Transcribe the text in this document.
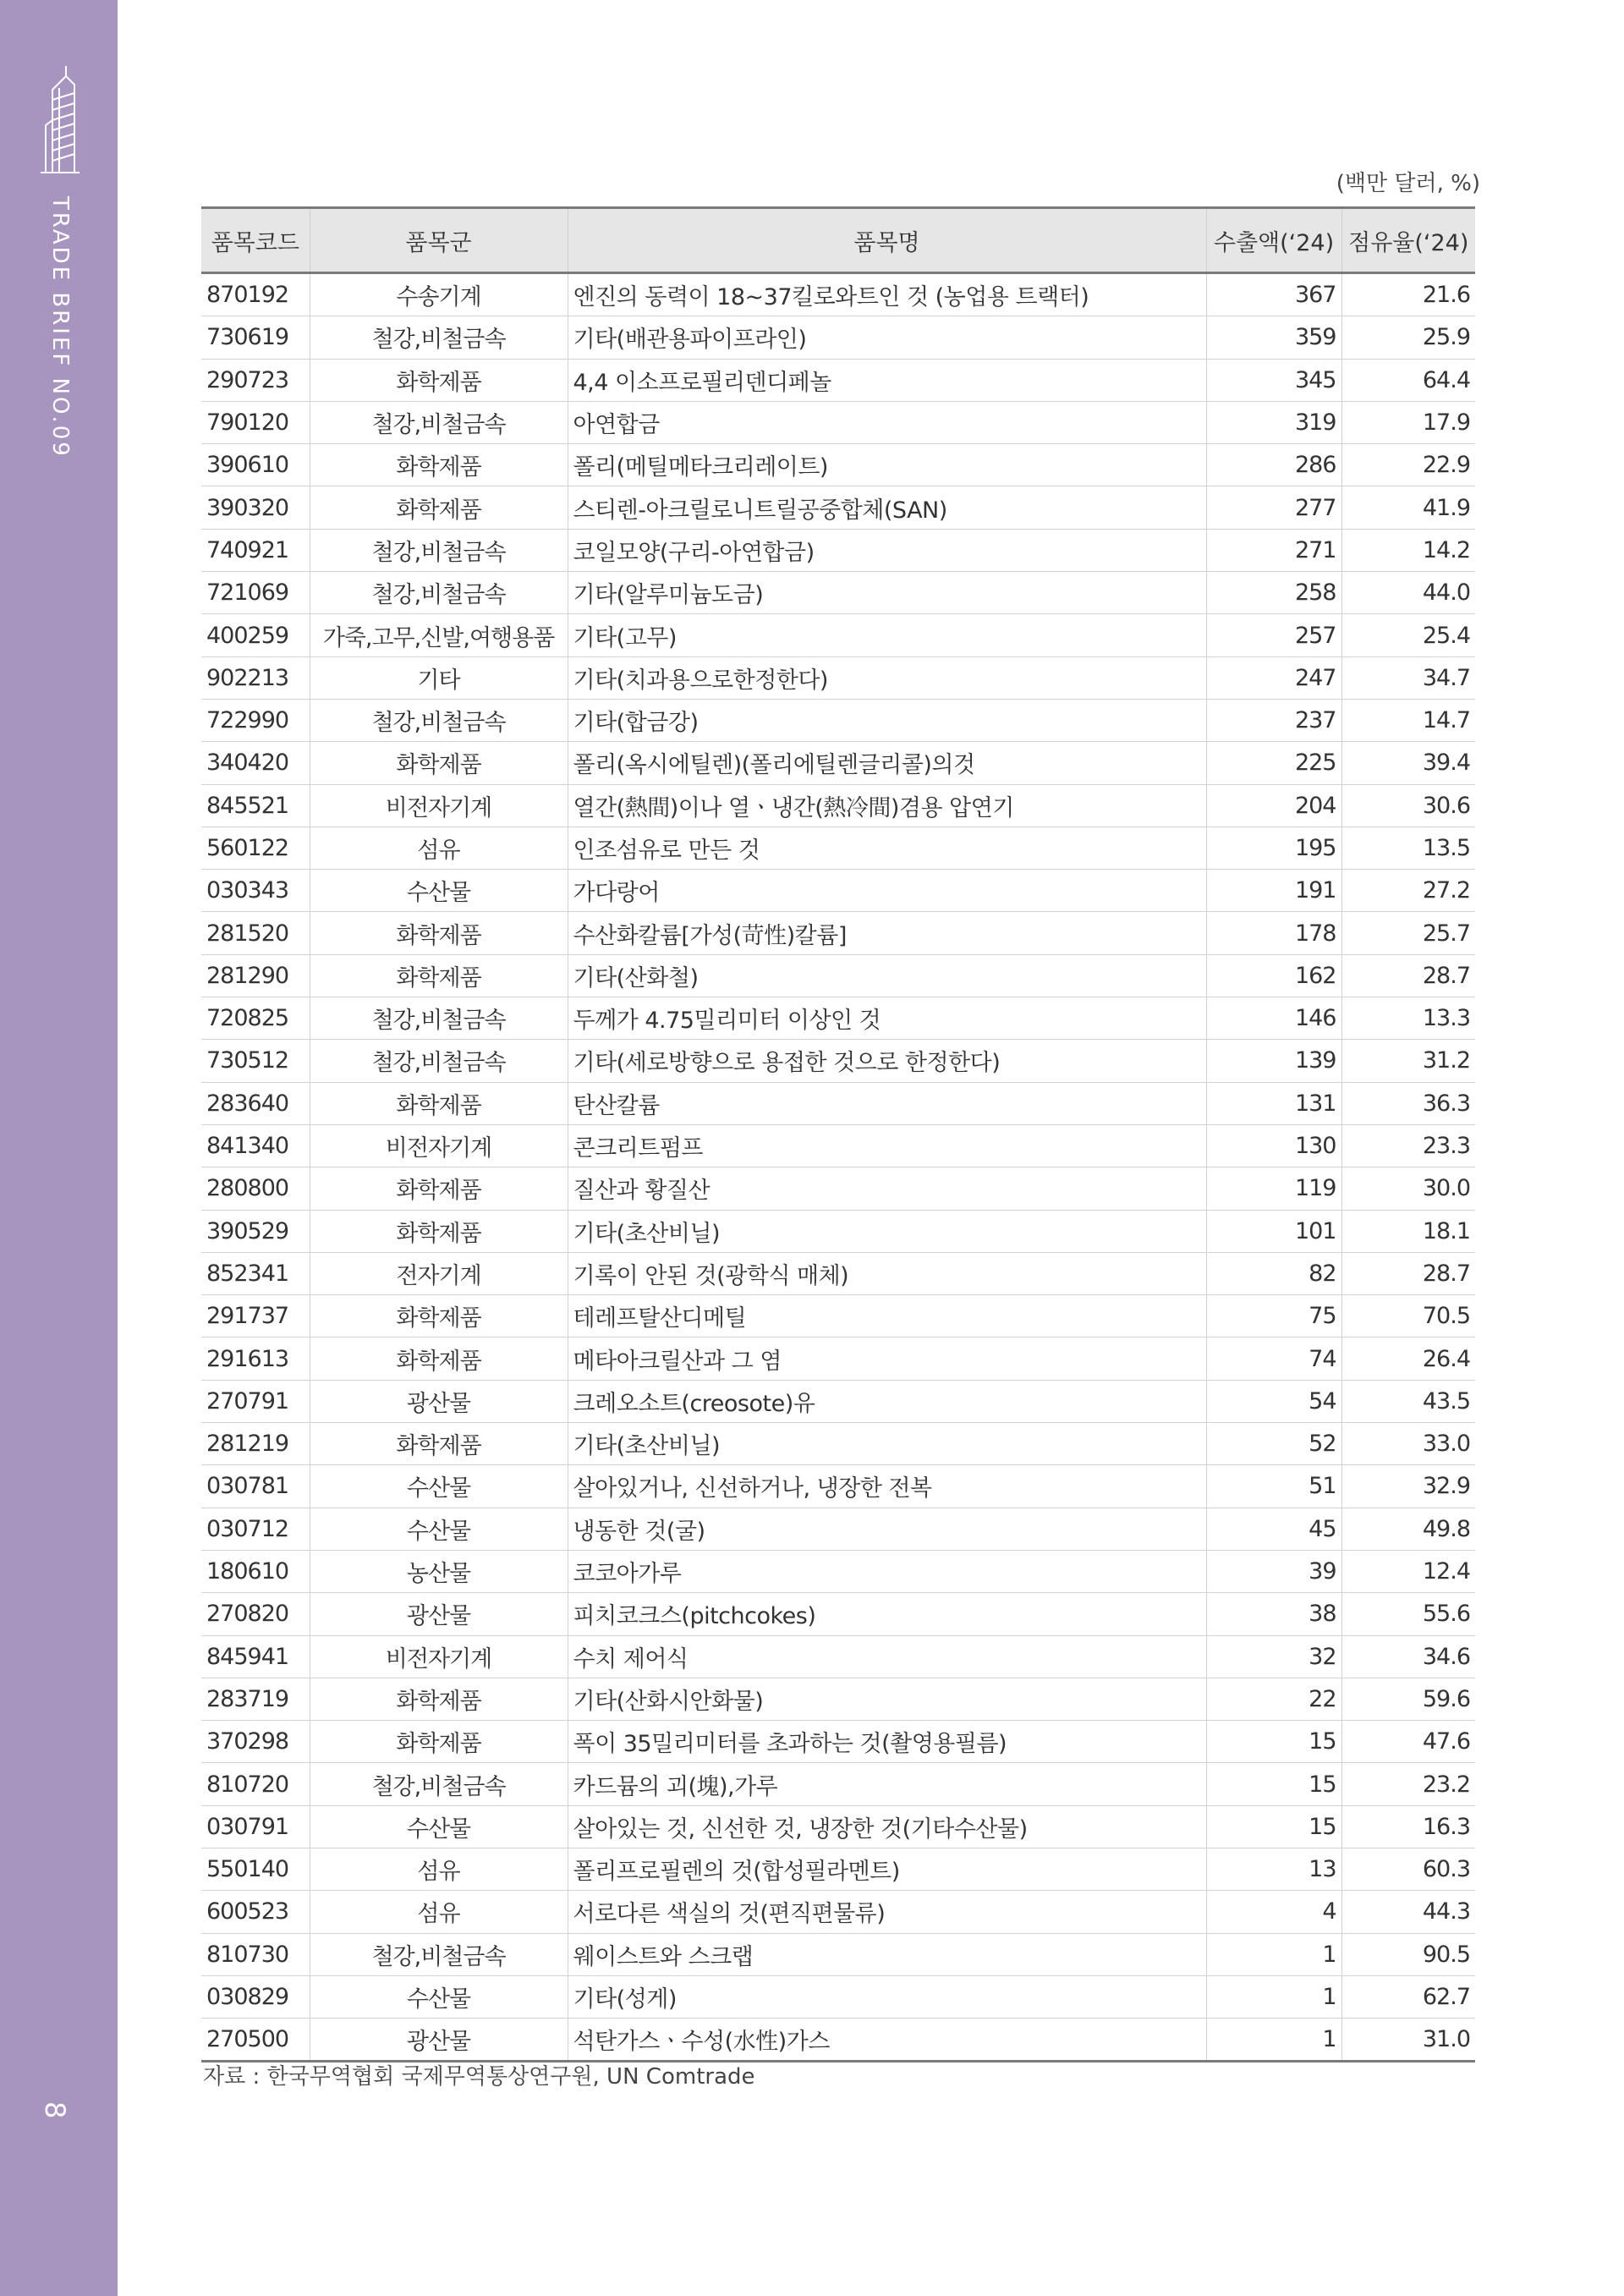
TRADE BRIEF NO.09
8
(백만 달러, %)
품목코드	품목군	품목명	수출액(‘24)	점유율(‘24)
870192	수송기계	엔진의 동력이 18~37킬로와트인 것 (농업용 트랙터)	367	21.6
730619	철강,비철금속	기타(배관용파이프라인)	359	25.9
290723	화학제품	4,4 이소프로필리덴디페놀	345	64.4
790120	철강,비철금속	아연합금	319	17.9
390610	화학제품	폴리(메틸메타크리레이트)	286	22.9
390320	화학제품	스티렌-아크릴로니트릴공중합체(SAN)	277	41.9
740921	철강,비철금속	코일모양(구리-아연합금)	271	14.2
721069	철강,비철금속	기타(알루미늄도금)	258	44.0
400259	가죽,고무,신발,여행용품	기타(고무)	257	25.4
902213	기타	기타(치과용으로한정한다)	247	34.7
722990	철강,비철금속	기타(합금강)	237	14.7
340420	화학제품	폴리(옥시에틸렌)(폴리에틸렌글리콜)의것	225	39.4
845521	비전자기계	열간(熱間)이나 열ㆍ냉간(熱冷間)겸용 압연기	204	30.6
560122	섬유	인조섬유로 만든 것	195	13.5
030343	수산물	가다랑어	191	27.2
281520	화학제품	수산화칼륨[가성(苛性)칼륨]	178	25.7
281290	화학제품	기타(산화철)	162	28.7
720825	철강,비철금속	두께가 4.75밀리미터 이상인 것	146	13.3
730512	철강,비철금속	기타(세로방향으로 용접한 것으로 한정한다)	139	31.2
283640	화학제품	탄산칼륨	131	36.3
841340	비전자기계	콘크리트펌프	130	23.3
280800	화학제품	질산과 황질산	119	30.0
390529	화학제품	기타(초산비닐)	101	18.1
852341	전자기계	기록이 안된 것(광학식 매체)	82	28.7
291737	화학제품	테레프탈산디메틸	75	70.5
291613	화학제품	메타아크릴산과 그 염	74	26.4
270791	광산물	크레오소트(creosote)유	54	43.5
281219	화학제품	기타(초산비닐)	52	33.0
030781	수산물	살아있거나, 신선하거나, 냉장한 전복	51	32.9
030712	수산물	냉동한 것(굴)	45	49.8
180610	농산물	코코아가루	39	12.4
270820	광산물	피치코크스(pitchcokes)	38	55.6
845941	비전자기계	수치 제어식	32	34.6
283719	화학제품	기타(산화시안화물)	22	59.6
370298	화학제품	폭이 35밀리미터를 초과하는 것(촬영용필름)	15	47.6
810720	철강,비철금속	카드뮴의 괴(塊),가루	15	23.2
030791	수산물	살아있는 것, 신선한 것, 냉장한 것(기타수산물)	15	16.3
550140	섬유	폴리프로필렌의 것(합성필라멘트)	13	60.3
600523	섬유	서로다른 색실의 것(편직편물류)	4	44.3
810730	철강,비철금속	웨이스트와 스크랩	1	90.5
030829	수산물	기타(성게)	1	62.7
270500	광산물	석탄가스ㆍ수성(水性)가스	1	31.0
자료 : 한국무역협회 국제무역통상연구원, UN Comtrade
